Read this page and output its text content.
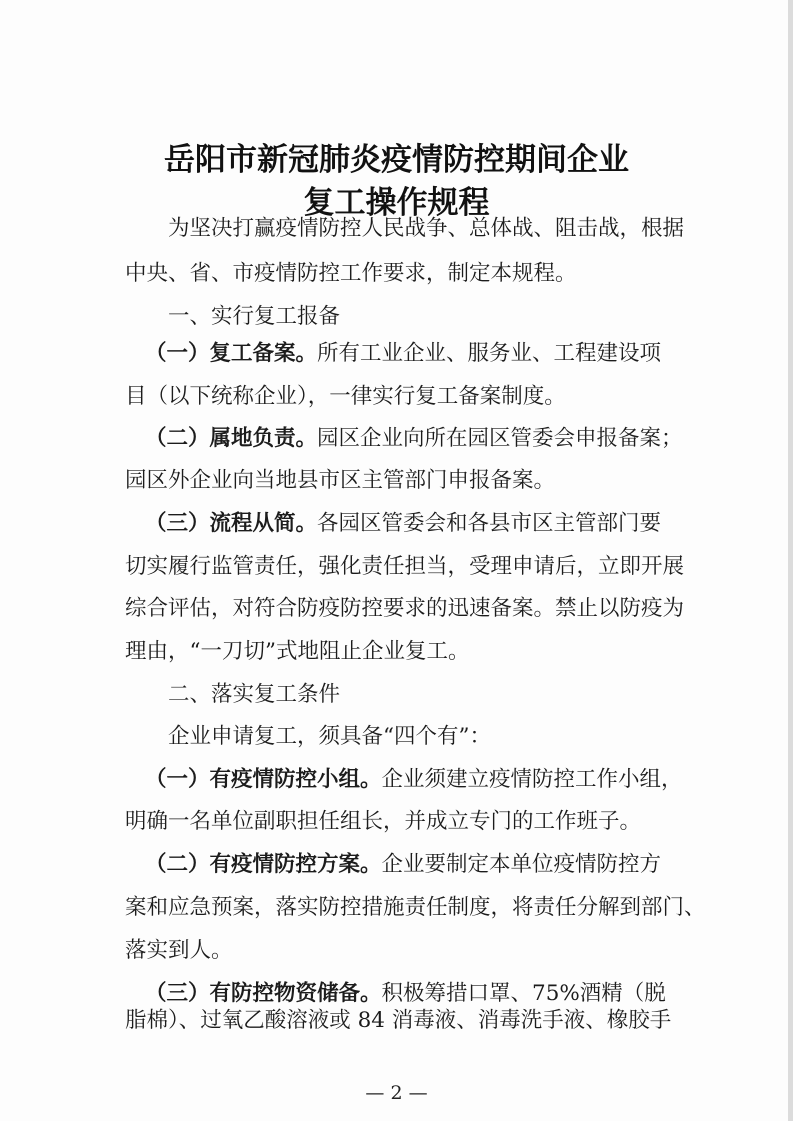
岳阳市新冠肺炎疫情防控期间企业
复工操作规程
为坚决打赢疫情防控人民战争、总体战、阻击战，根据
中央、省、市疫情防控工作要求，制定本规程。
一、实行复工报备
（一）复工备案。所有工业企业、服务业、工程建设项
目（以下统称企业），一律实行复工备案制度。
（二）属地负责。园区企业向所在园区管委会申报备案；
园区外企业向当地县市区主管部门申报备案。
（三）流程从简。各园区管委会和各县市区主管部门要
切实履行监管责任，强化责任担当，受理申请后，立即开展
综合评估，对符合防疫防控要求的迅速备案。禁止以防疫为
理由，“一刀切”式地阻止企业复工。
二、落实复工条件
企业申请复工，须具备“四个有”：
（一）有疫情防控小组。企业须建立疫情防控工作小组，
明确一名单位副职担任组长，并成立专门的工作班子。
（二）有疫情防控方案。企业要制定本单位疫情防控方
案和应急预案，落实防控措施责任制度，将责任分解到部门、
落实到人。
（三）有防控物资储备。积极筹措口罩、75%酒精（脱
— 2 —
脂棉）、过氧乙酸溶液或 84 消毒液、消毒洗手液、橡胶手
